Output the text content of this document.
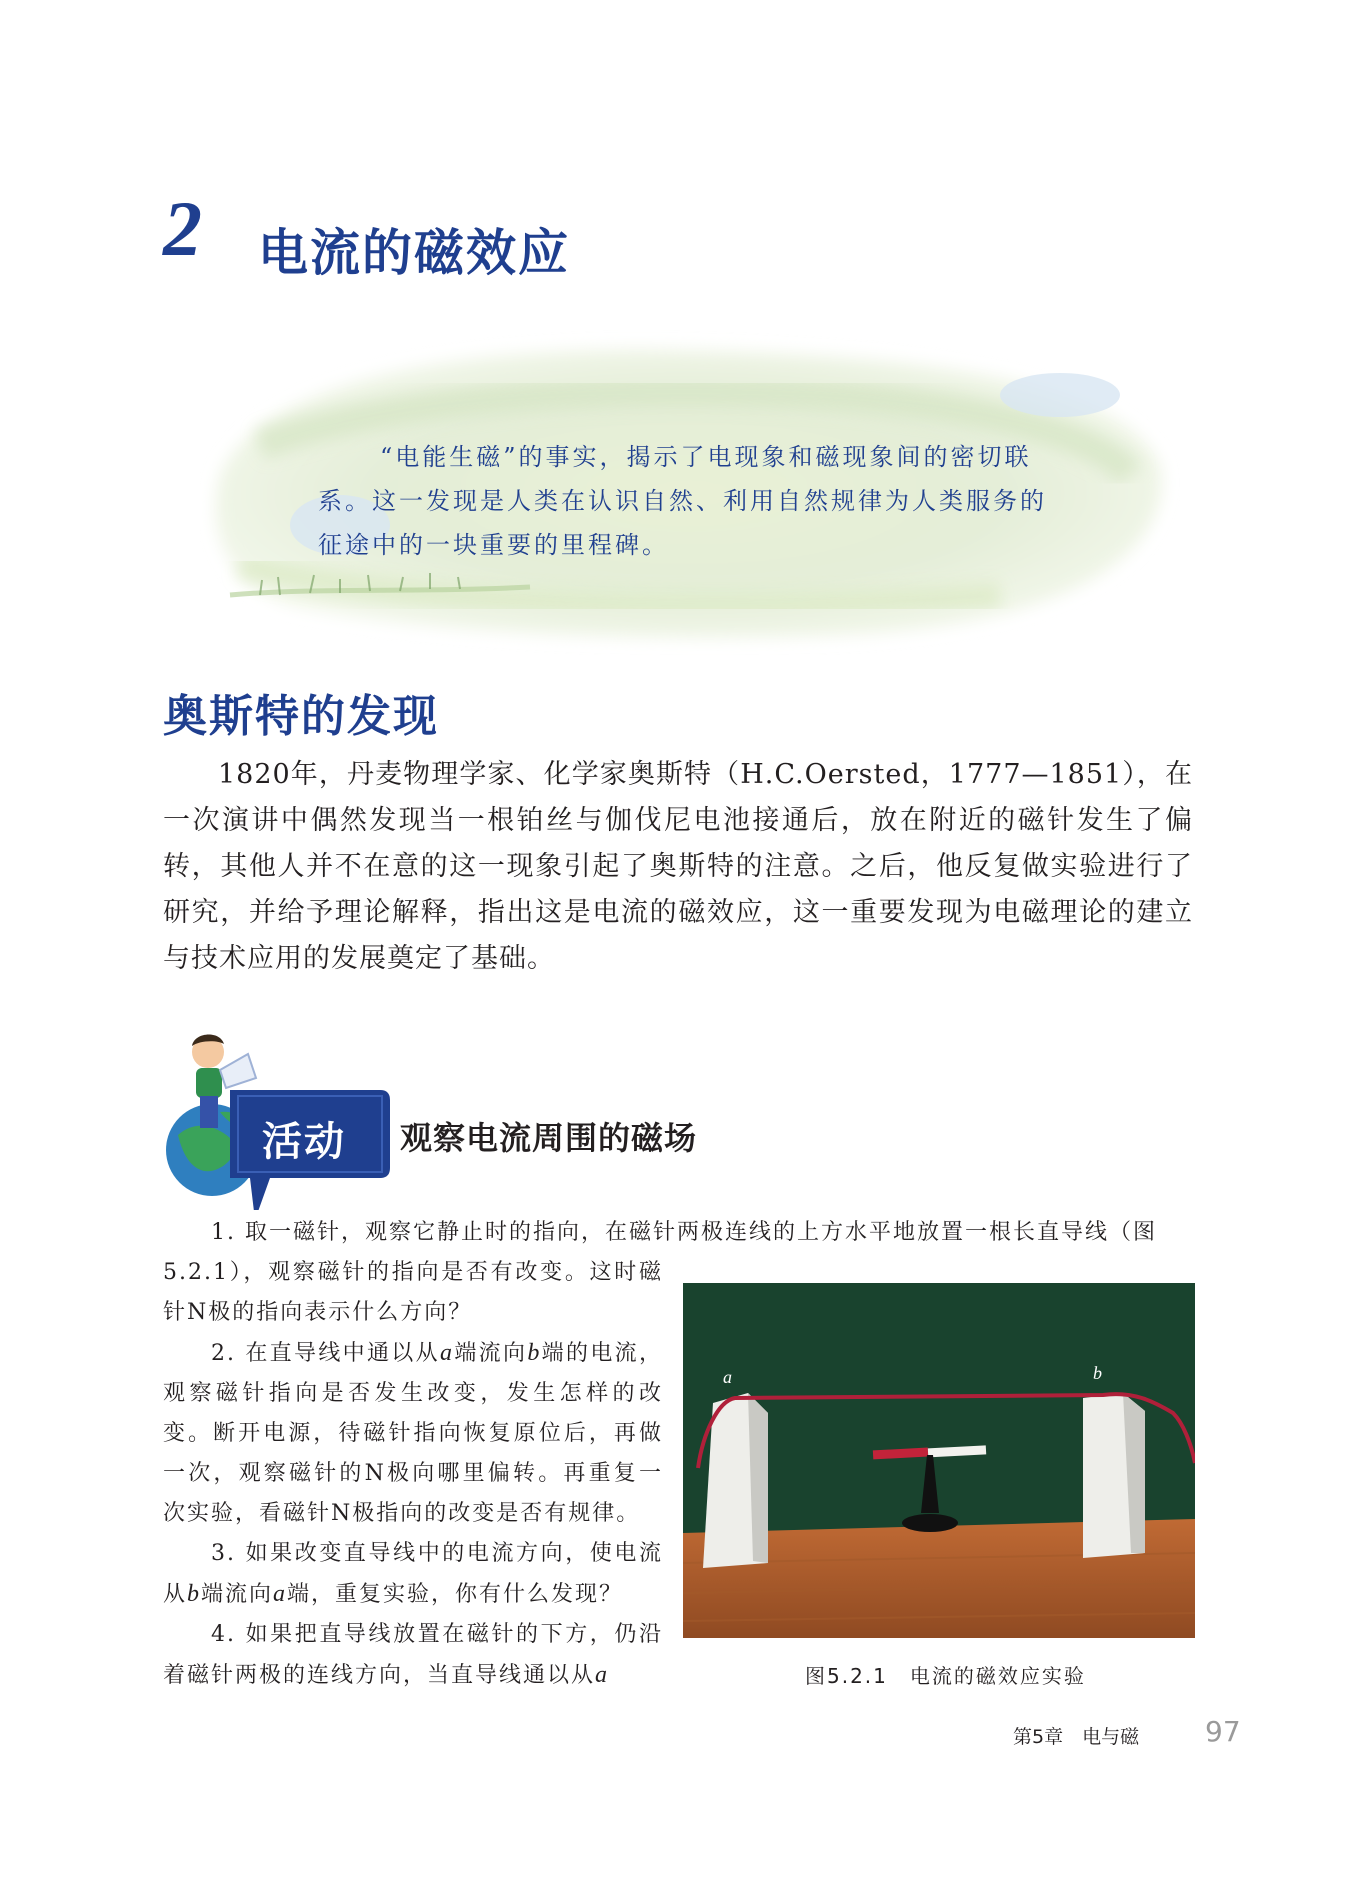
2 电流的磁效应

“电能生磁”的事实，揭示了电现象和磁现象间的密切联系。这一发现是人类在认识自然、利用自然规律为人类服务的征途中的一块重要的里程碑。

奥斯特的发现

1820年，丹麦物理学家、化学家奥斯特（H.C.Oersted，1777—1851），在一次演讲中偶然发现当一根铂丝与伽伐尼电池接通后，放在附近的磁针发生了偏转，其他人并不在意的这一现象引起了奥斯特的注意。之后，他反复做实验进行了研究，并给予理论解释，指出这是电流的磁效应，这一重要发现为电磁理论的建立与技术应用的发展奠定了基础。

活动 观察电流周围的磁场
1. 取一磁针，观察它静止时的指向，在磁针两极连线的上方水平地放置一根长直导线（图

5.2.1），观察磁针的指向是否有改变。这时磁针N极的指向表示什么方向？

2. 在直导线中通以从a端流向b端的电流，观察磁针指向是否发生改变，发生怎样的改变。断开电源，待磁针指向恢复原位后，再做一次，观察磁针的N极向哪里偏转。再重复一次实验，看磁针N极指向的改变是否有规律。

3. 如果改变直导线中的电流方向，使电流从b端流向a端，重复实验，你有什么发现？

4. 如果把直导线放置在磁针的下方，仍沿着磁针两极的连线方向，当直导线通以从a

a	b
图5.2.1　电流的磁效应实验
第5章　电与磁 97
